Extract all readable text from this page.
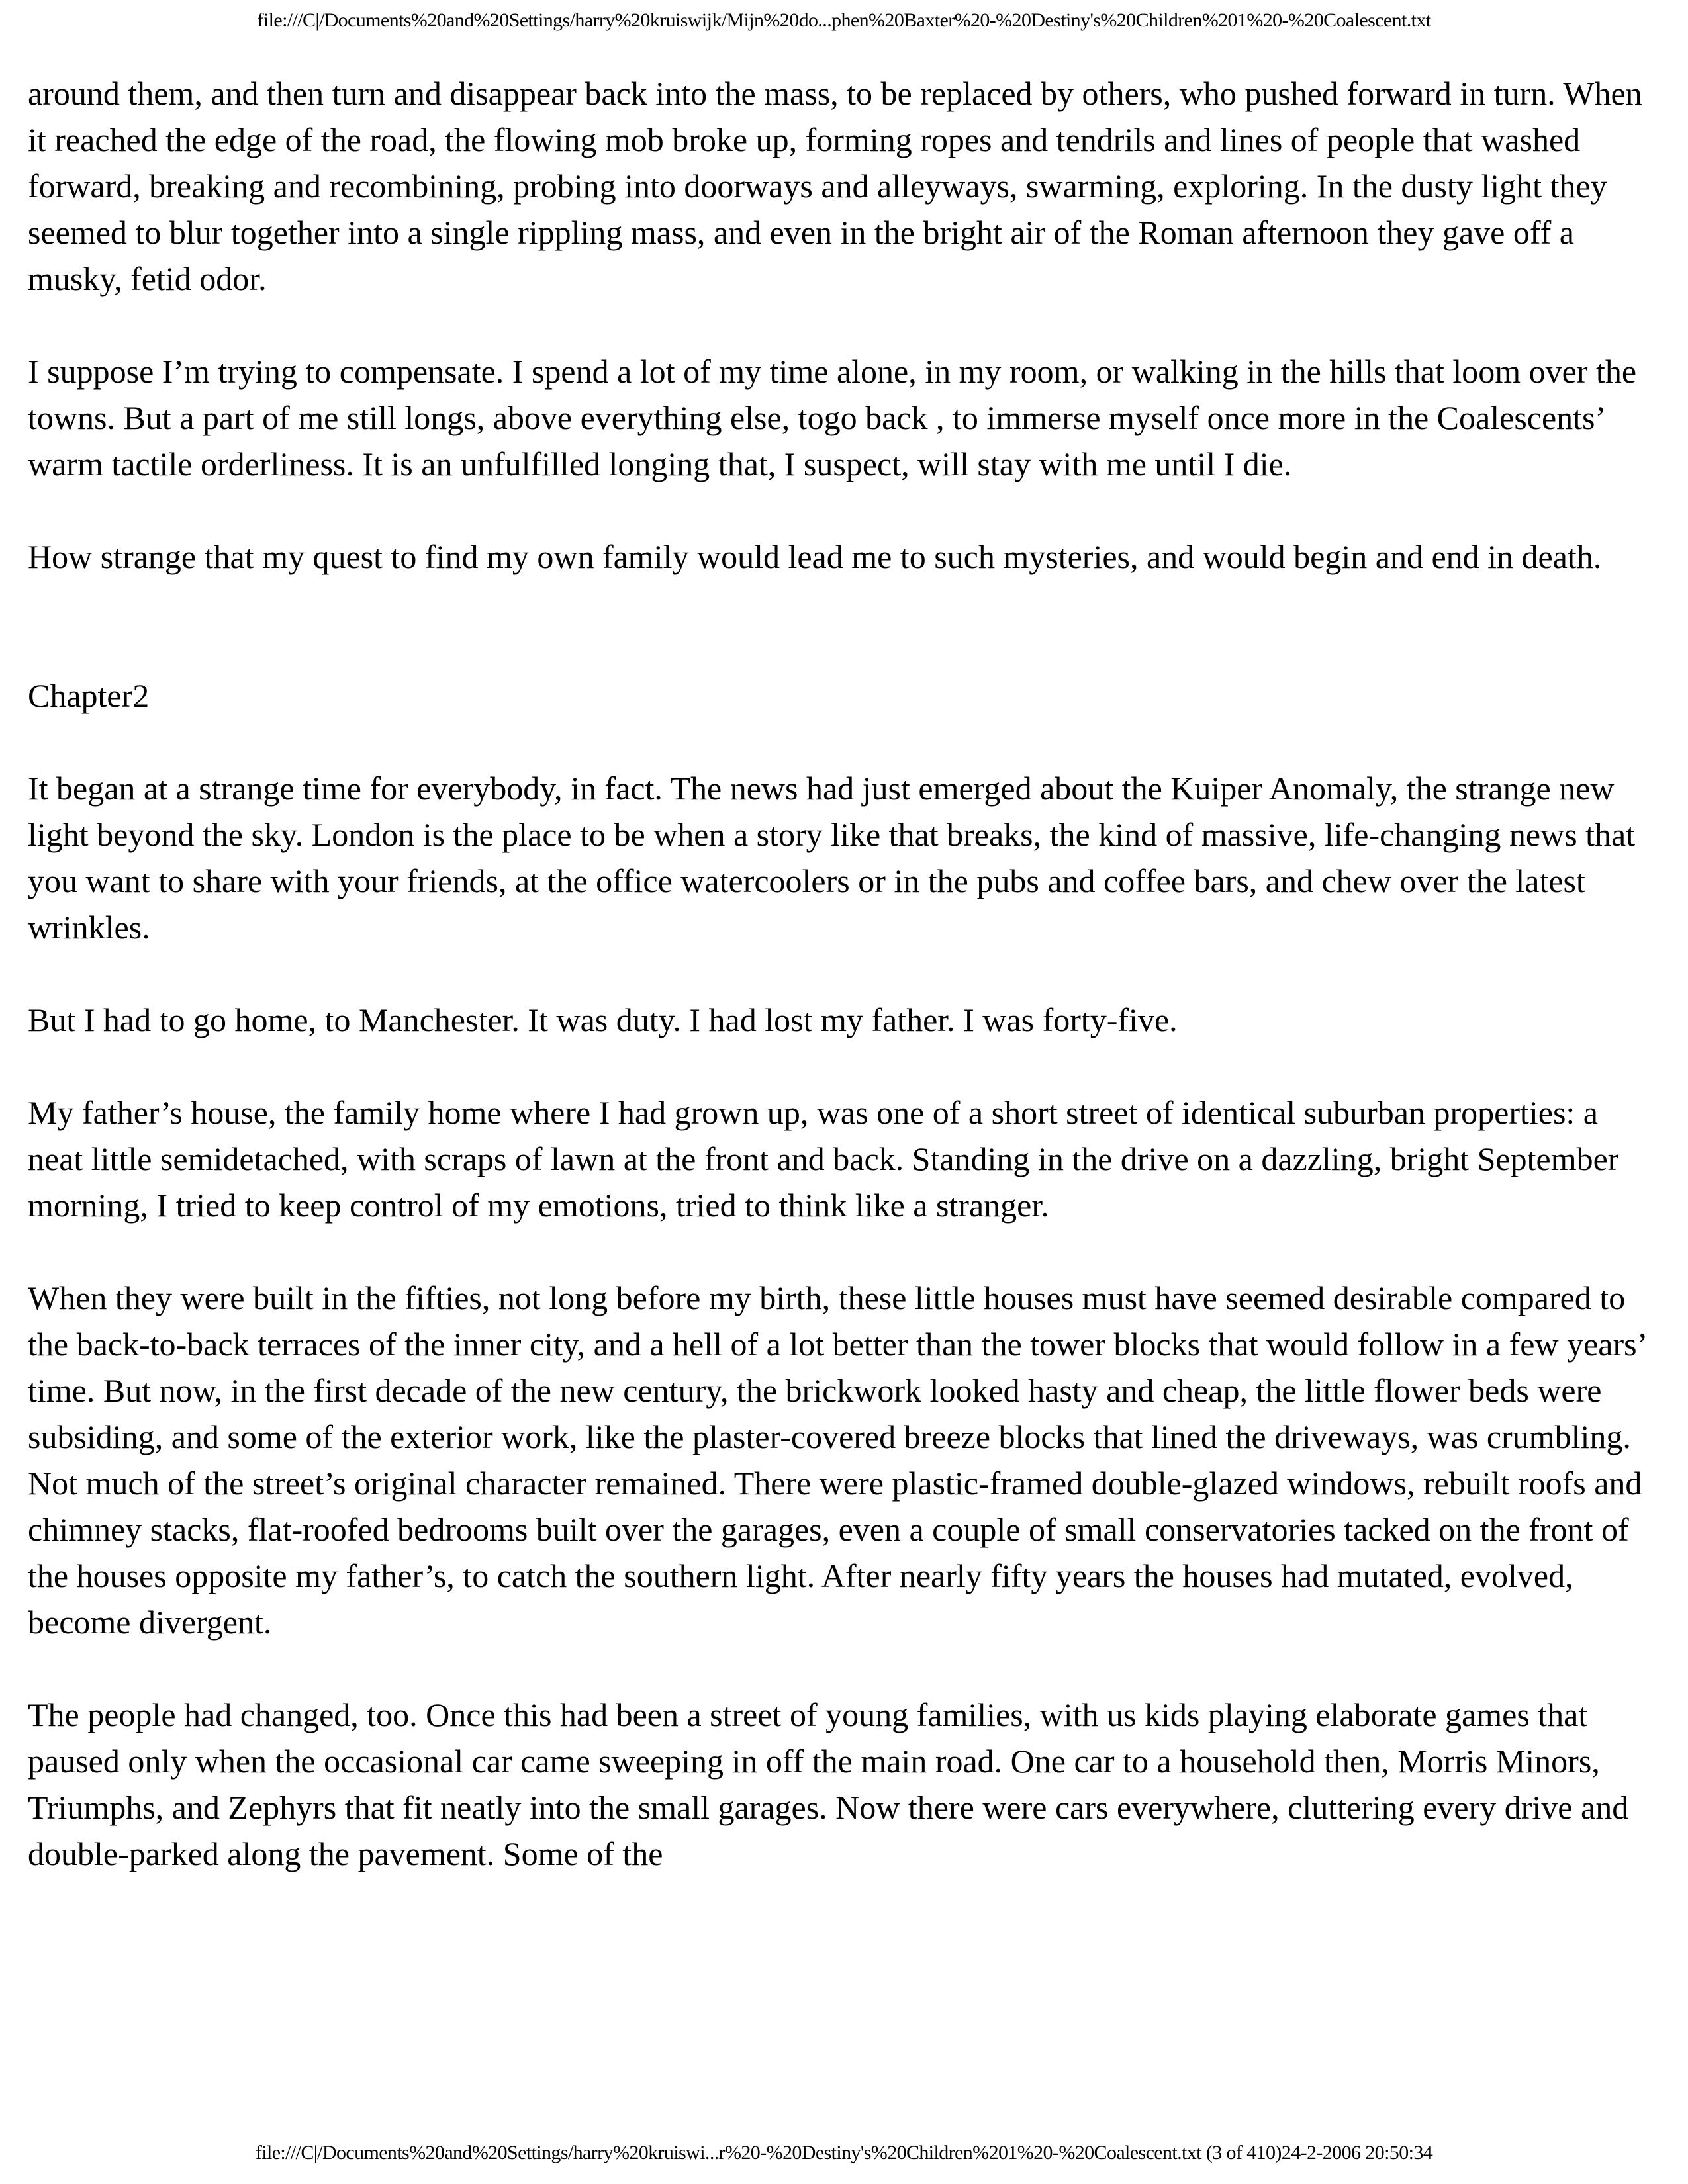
file:///C|/Documents%20and%20Settings/harry%20kruiswijk/Mijn%20do...phen%20Baxter%20-%20Destiny's%20Children%201%20-%20Coalescent.txt

around them, and then turn and disappear back into the mass, to be replaced by others, who pushed forward in turn. When it reached the edge of the road, the flowing mob broke up, forming ropes and tendrils and lines of people that washed forward, breaking and recombining, probing into doorways and alleyways, swarming, exploring. In the dusty light they seemed to blur together into a single rippling mass, and even in the bright air of the Roman afternoon they gave off a musky, fetid odor.

I suppose I’m trying to compensate. I spend a lot of my time alone, in my room, or walking in the hills that loom over the towns. But a part of me still longs, above everything else, togo back , to immerse myself once more in the Coalescents’ warm tactile orderliness. It is an unfulfilled longing that, I suspect, will stay with me until I die.

How strange that my quest to find my own family would lead me to such mysteries, and would begin and end in death.

Chapter2

It began at a strange time for everybody, in fact. The news had just emerged about the Kuiper Anomaly, the strange new light beyond the sky. London is the place to be when a story like that breaks, the kind of massive, life-changing news that you want to share with your friends, at the office watercoolers or in the pubs and coffee bars, and chew over the latest wrinkles.

But I had to go home, to Manchester. It was duty. I had lost my father. I was forty-five.

My father’s house, the family home where I had grown up, was one of a short street of identical suburban properties: a neat little semidetached, with scraps of lawn at the front and back. Standing in the drive on a dazzling, bright September morning, I tried to keep control of my emotions, tried to think like a stranger.

When they were built in the fifties, not long before my birth, these little houses must have seemed desirable compared to the back-to-back terraces of the inner city, and a hell of a lot better than the tower blocks that would follow in a few years’ time. But now, in the first decade of the new century, the brickwork looked hasty and cheap, the little flower beds were subsiding, and some of the exterior work, like the plaster-covered breeze blocks that lined the driveways, was crumbling. Not much of the street’s original character remained. There were plastic-framed double-glazed windows, rebuilt roofs and chimney stacks, flat-roofed bedrooms built over the garages, even a couple of small conservatories tacked on the front of the houses opposite my father’s, to catch the southern light. After nearly fifty years the houses had mutated, evolved, become divergent.

The people had changed, too. Once this had been a street of young families, with us kids playing elaborate games that paused only when the occasional car came sweeping in off the main road. One car to a household then, Morris Minors, Triumphs, and Zephyrs that fit neatly into the small garages. Now there were cars everywhere, cluttering every drive and double-parked along the pavement. Some of the

file:///C|/Documents%20and%20Settings/harry%20kruiswi...r%20-%20Destiny's%20Children%201%20-%20Coalescent.txt (3 of 410)24-2-2006 20:50:34
